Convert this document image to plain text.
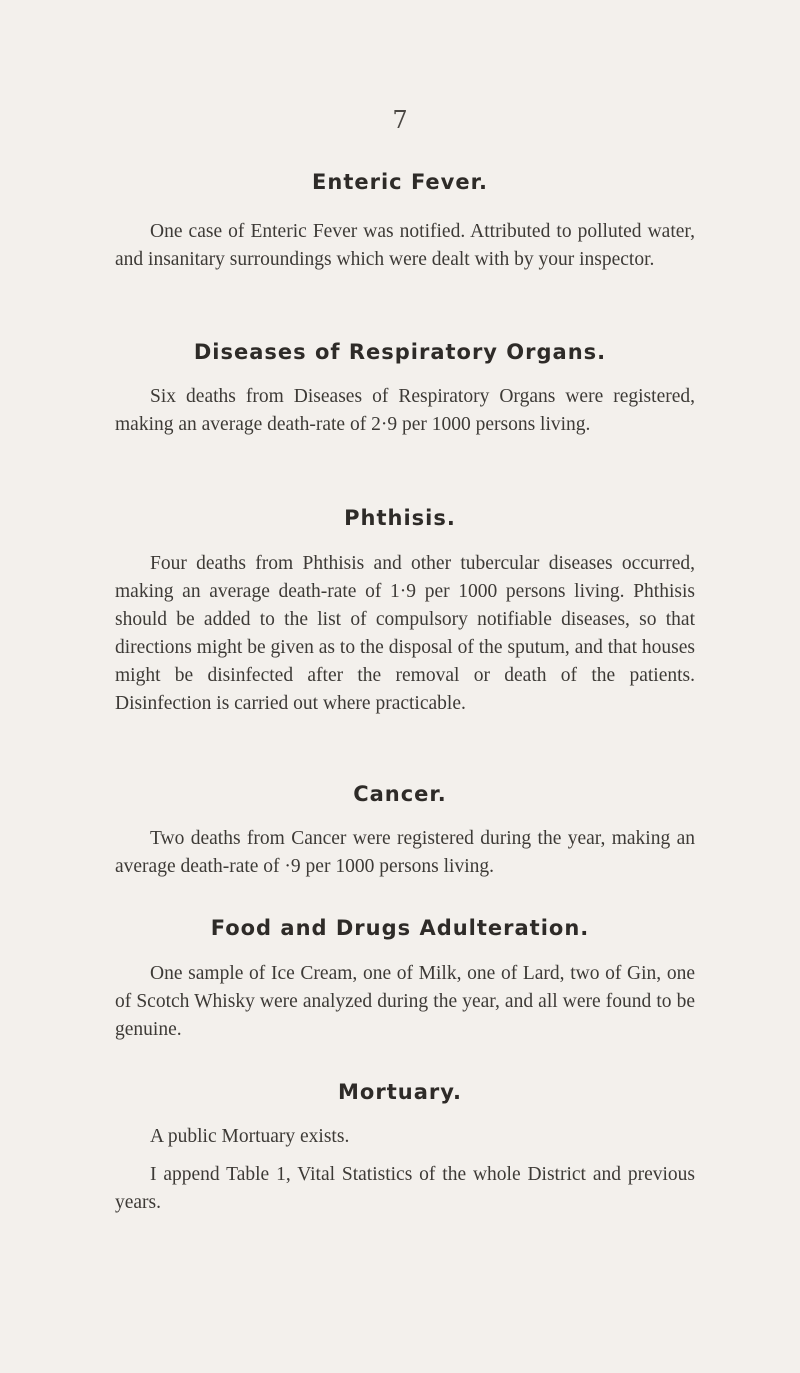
7
Enteric Fever.

One case of Enteric Fever was notified. Attributed to polluted water, and insanitary surroundings which were dealt with by your inspector.

Diseases of Respiratory Organs.

Six deaths from Diseases of Respiratory Organs were registered, making an average death-rate of 2·9 per 1000 persons living.

Phthisis.

Four deaths from Phthisis and other tubercular diseases occurred, making an average death-rate of 1·9 per 1000 persons living. Phthisis should be added to the list of compulsory notifiable diseases, so that directions might be given as to the disposal of the sputum, and that houses might be disinfected after the removal or death of the patients. Disinfection is carried out where practicable.

Cancer.

Two deaths from Cancer were registered during the year, making an average death-rate of ·9 per 1000 persons living.

Food and Drugs Adulteration.

One sample of Ice Cream, one of Milk, one of Lard, two of Gin, one of Scotch Whisky were analyzed during the year, and all were found to be genuine.

Mortuary.

A public Mortuary exists.

I append Table 1, Vital Statistics of the whole District and previous years.
